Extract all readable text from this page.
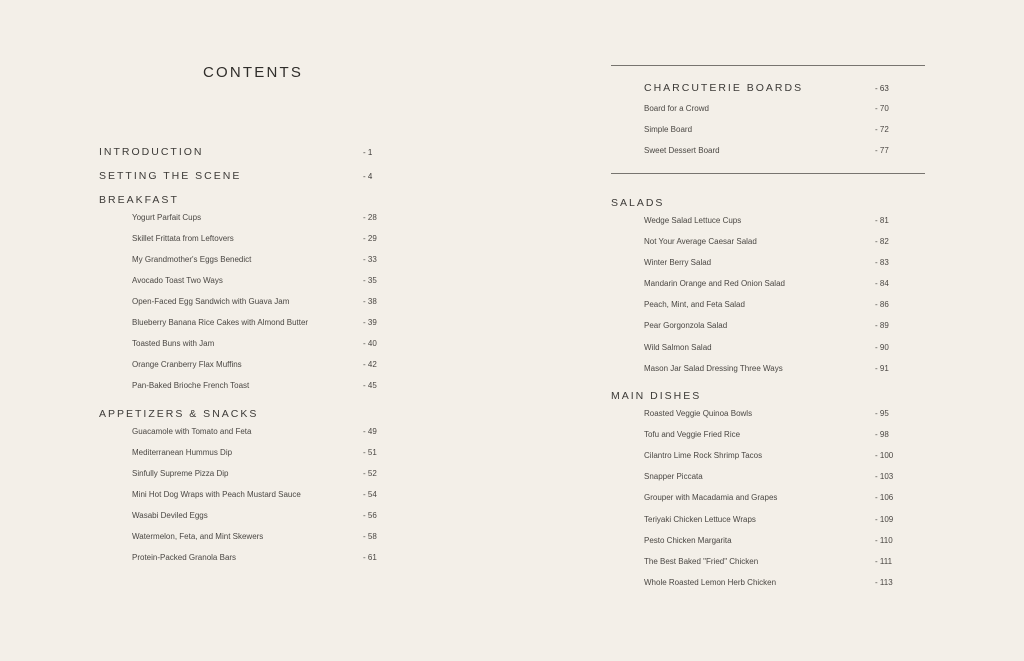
CONTENTS
INTRODUCTION	- 1
SETTING THE SCENE	- 4
BREAKFAST
Yogurt Parfait Cups	- 28
Skillet Frittata from Leftovers	- 29
My Grandmother's Eggs Benedict	- 33
Avocado Toast Two Ways	- 35
Open-Faced Egg Sandwich with Guava Jam	- 38
Blueberry Banana Rice Cakes with Almond Butter	- 39
Toasted Buns with Jam	- 40
Orange Cranberry Flax Muffins	- 42
Pan-Baked Brioche French Toast	- 45
APPETIZERS & SNACKS
Guacamole with Tomato and Feta	- 49
Mediterranean Hummus Dip	- 51
Sinfully Supreme Pizza Dip	- 52
Mini Hot Dog Wraps with Peach Mustard Sauce	- 54
Wasabi Deviled Eggs	- 56
Watermelon, Feta, and Mint Skewers	- 58
Protein-Packed Granola Bars	- 61
CHARCUTERIE BOARDS	- 63
Board for a Crowd	- 70
Simple Board	- 72
Sweet Dessert Board	- 77
SALADS
Wedge Salad Lettuce Cups	- 81
Not Your Average Caesar Salad	- 82
Winter Berry Salad	- 83
Mandarin Orange and Red Onion Salad	- 84
Peach, Mint, and Feta Salad	- 86
Pear Gorgonzola Salad	- 89
Wild Salmon Salad	- 90
Mason Jar Salad Dressing Three Ways	- 91
MAIN DISHES
Roasted Veggie Quinoa Bowls	- 95
Tofu and Veggie Fried Rice	- 98
Cilantro Lime Rock Shrimp Tacos	- 100
Snapper Piccata	- 103
Grouper with Macadamia and Grapes	- 106
Teriyaki Chicken Lettuce Wraps	- 109
Pesto Chicken Margarita	- 110
The Best Baked "Fried" Chicken	- 111
Whole Roasted Lemon Herb Chicken	- 113
